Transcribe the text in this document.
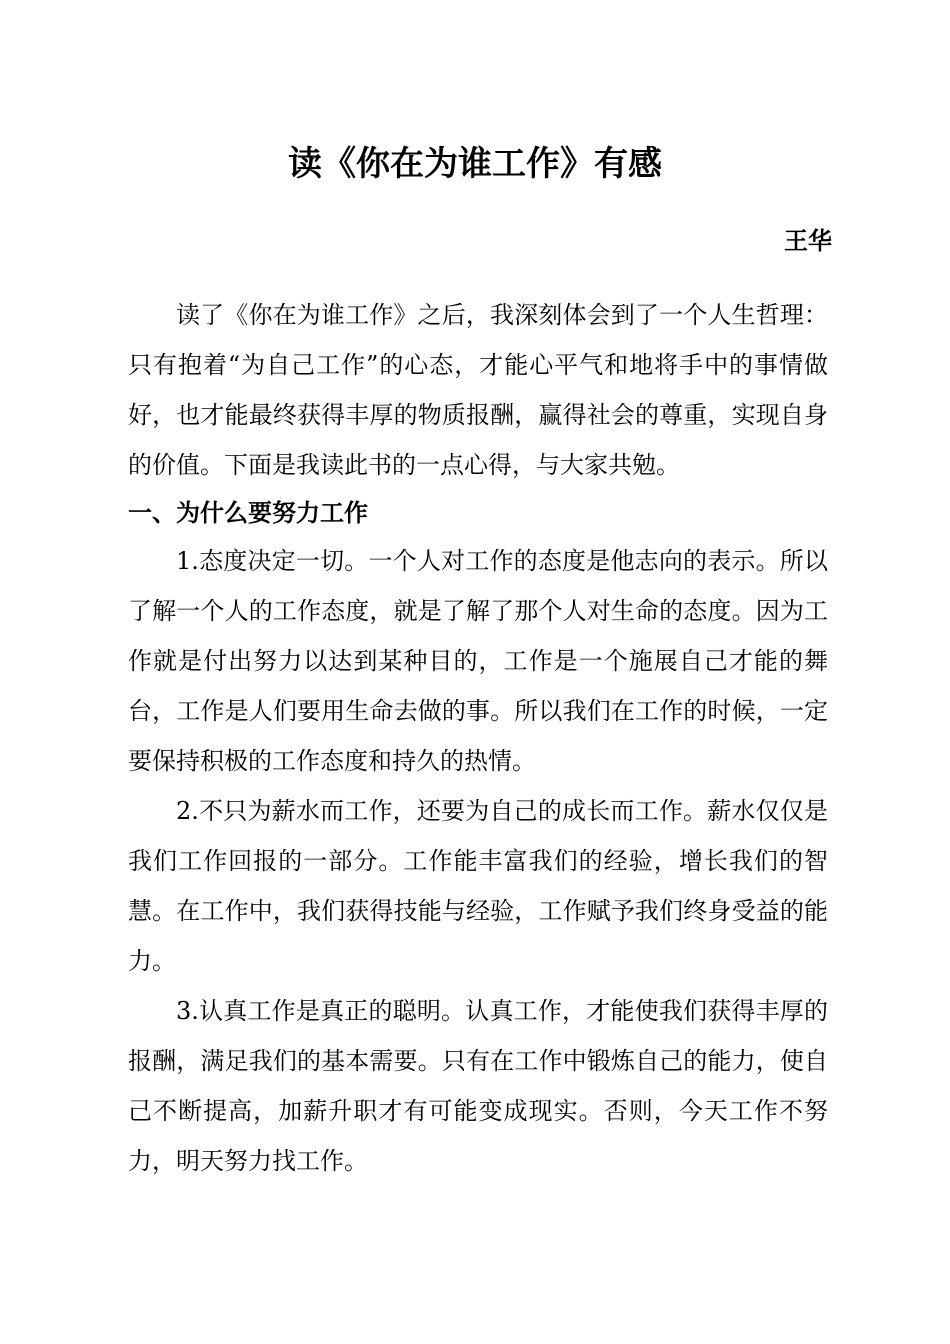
读《你在为谁工作》有感
王华

读了《你在为谁工作》之后，我深刻体会到了一个人生哲理：只有抱着“为自己工作”的心态，才能心平气和地将手中的事情做好，也才能最终获得丰厚的物质报酬，赢得社会的尊重，实现自身的价值。下面是我读此书的一点心得，与大家共勉。

一、为什么要努力工作

1.态度决定一切。一个人对工作的态度是他志向的表示。所以了解一个人的工作态度，就是了解了那个人对生命的态度。因为工作就是付出努力以达到某种目的，工作是一个施展自己才能的舞台，工作是人们要用生命去做的事。所以我们在工作的时候，一定要保持积极的工作态度和持久的热情。

2.不只为薪水而工作，还要为自己的成长而工作。薪水仅仅是我们工作回报的一部分。工作能丰富我们的经验，增长我们的智慧。在工作中，我们获得技能与经验，工作赋予我们终身受益的能力。

3.认真工作是真正的聪明。认真工作，才能使我们获得丰厚的报酬，满足我们的基本需要。只有在工作中锻炼自己的能力，使自己不断提高，加薪升职才有可能变成现实。否则，今天工作不努力，明天努力找工作。
